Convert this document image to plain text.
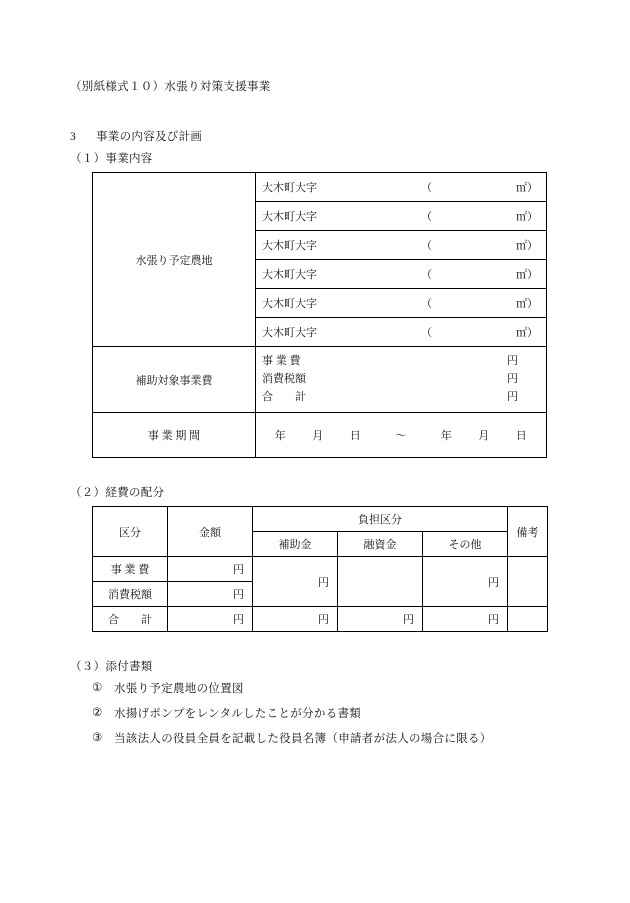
（別紙様式１０）水張り対策支援事業
3 事業の内容及び計画
（１）事業内容
水張り予定農地	大木町大字 （ ㎡）

	大木町大字 （ ㎡）

	大木町大字 （ ㎡）

	大木町大字 （ ㎡）

	大木町大字 （ ㎡）

	大木町大字 （ ㎡）

補助対象事業費	
事 業 費	円
消費税額	円
合　　計	円

事 業 期 間	年 月 日 ～ 年 月 日
（２）経費の配分
区分	金額	負担区分			備考
		補助金	融資金	その他	
事 業 費	円	円		円	
消費税額	円				
合　　計	円	円	円	円	
（３）添付書類
① 水張り予定農地の位置図
② 水揚げポンプをレンタルしたことが分かる書類
③ 当該法人の役員全員を記載した役員名簿（申請者が法人の場合に限る）
